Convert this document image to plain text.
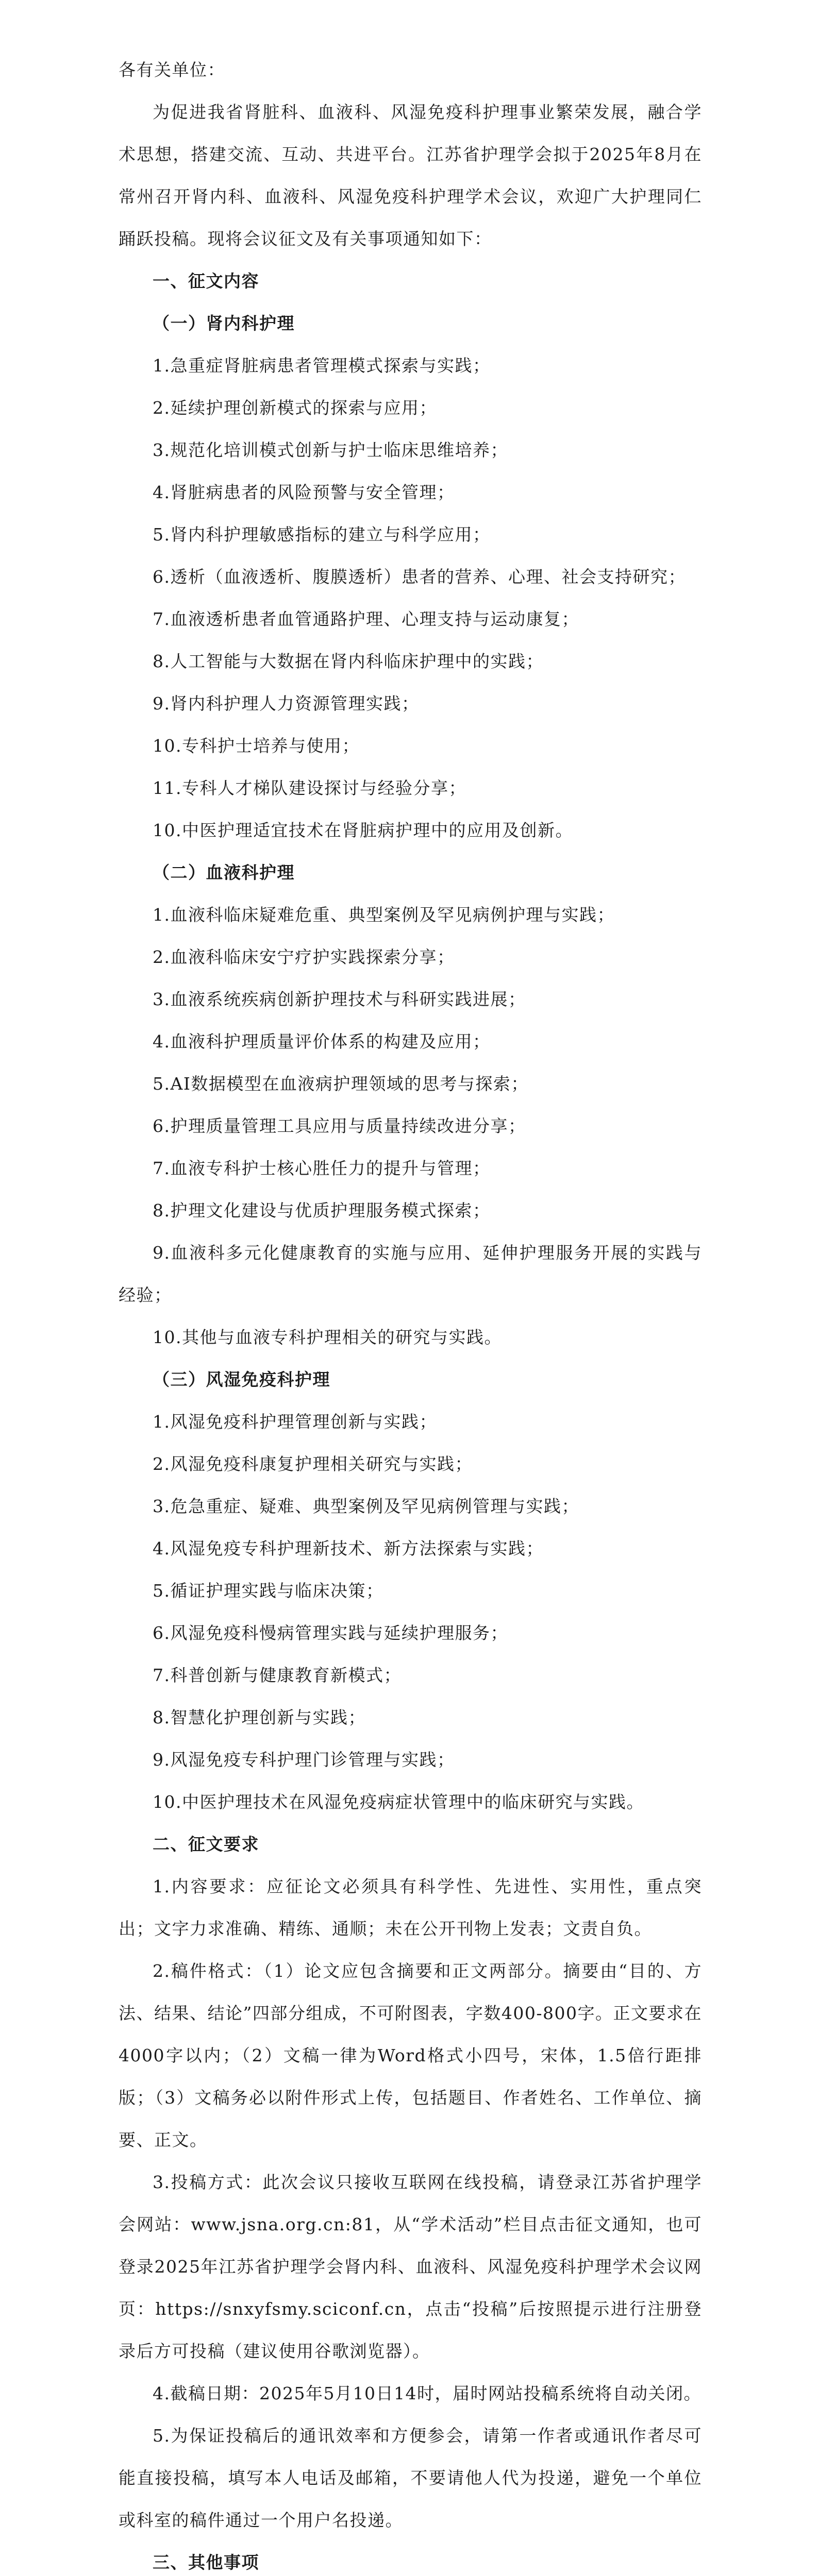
各有关单位：

为促进我省肾脏科、血液科、风湿免疫科护理事业繁荣发展，融合学术思想，搭建交流、互动、共进平台。江苏省护理学会拟于2025年8月在常州召开肾内科、血液科、风湿免疫科护理学术会议，欢迎广大护理同仁踊跃投稿。现将会议征文及有关事项通知如下：

一、征文内容

（一）肾内科护理

1.急重症肾脏病患者管理模式探索与实践；

2.延续护理创新模式的探索与应用；

3.规范化培训模式创新与护士临床思维培养；

4.肾脏病患者的风险预警与安全管理；

5.肾内科护理敏感指标的建立与科学应用；

6.透析（血液透析、腹膜透析）患者的营养、心理、社会支持研究；

7.血液透析患者血管通路护理、心理支持与运动康复；

8.人工智能与大数据在肾内科临床护理中的实践；

9.肾内科护理人力资源管理实践；

10.专科护士培养与使用；

11.专科人才梯队建设探讨与经验分享；

10.中医护理适宜技术在肾脏病护理中的应用及创新。

（二）血液科护理

1.血液科临床疑难危重、典型案例及罕见病例护理与实践；

2.血液科临床安宁疗护实践探索分享；

3.血液系统疾病创新护理技术与科研实践进展；

4.血液科护理质量评价体系的构建及应用；

5.AI数据模型在血液病护理领域的思考与探索；

6.护理质量管理工具应用与质量持续改进分享；

7.血液专科护士核心胜任力的提升与管理；

8.护理文化建设与优质护理服务模式探索；

9.血液科多元化健康教育的实施与应用、延伸护理服务开展的实践与经验；

10.其他与血液专科护理相关的研究与实践。

（三）风湿免疫科护理

1.风湿免疫科护理管理创新与实践；

2.风湿免疫科康复护理相关研究与实践；

3.危急重症、疑难、典型案例及罕见病例管理与实践；

4.风湿免疫专科护理新技术、新方法探索与实践；

5.循证护理实践与临床决策；

6.风湿免疫科慢病管理实践与延续护理服务；

7.科普创新与健康教育新模式；

8.智慧化护理创新与实践；

9.风湿免疫专科护理门诊管理与实践；

10.中医护理技术在风湿免疫病症状管理中的临床研究与实践。

二、征文要求

1.内容要求：应征论文必须具有科学性、先进性、实用性，重点突出；文字力求准确、精练、通顺；未在公开刊物上发表；文责自负。

2.稿件格式：（1）论文应包含摘要和正文两部分。摘要由“目的、方法、结果、结论”四部分组成，不可附图表，字数400-800字。正文要求在4000字以内；（2）文稿一律为Word格式小四号，宋体，1.5倍行距排版；（3）文稿务必以附件形式上传，包括题目、作者姓名、工作单位、摘要、正文。

3.投稿方式：此次会议只接收互联网在线投稿，请登录江苏省护理学会网站：www.jsna.org.cn:81，从“学术活动”栏目点击征文通知，也可登录2025年江苏省护理学会肾内科、血液科、风湿免疫科护理学术会议网页：https://snxyfsmy.sciconf.cn，点击“投稿”后按照提示进行注册登录后方可投稿（建议使用谷歌浏览器）。

4.截稿日期：2025年5月10日14时，届时网站投稿系统将自动关闭。

5.为保证投稿后的通讯效率和方便参会，请第一作者或通讯作者尽可能直接投稿，填写本人电话及邮箱，不要请他人代为投递，避免一个单位或科室的稿件通过一个用户名投递。

三、其他事项
